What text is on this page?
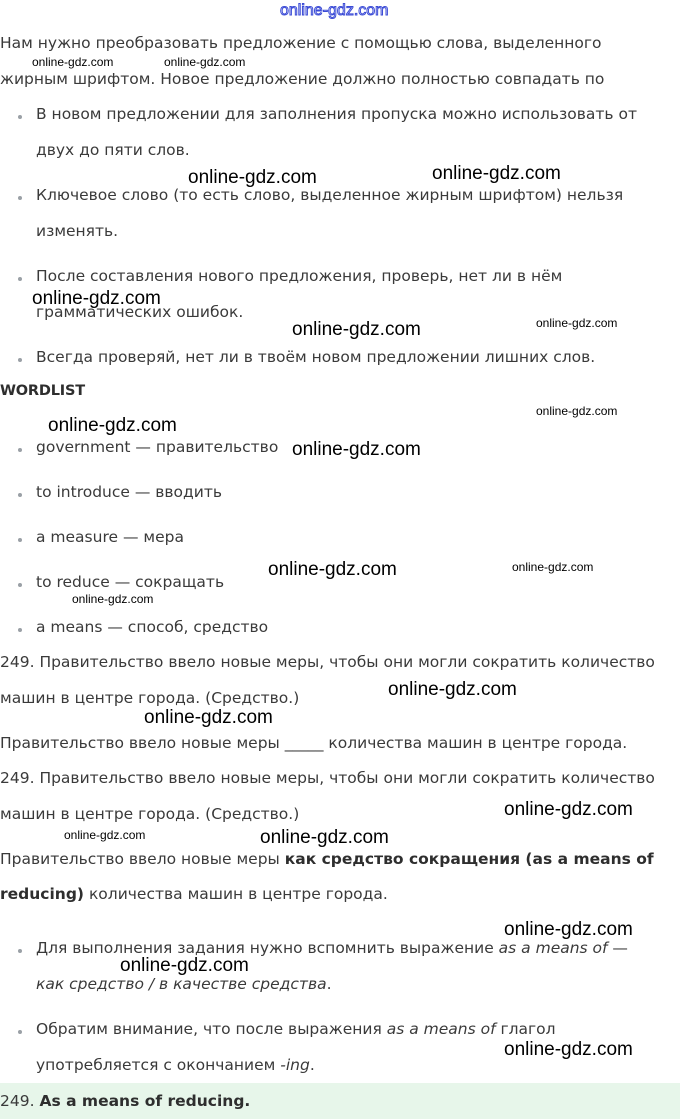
online-gdz.com
Нам нужно преобразовать предложение с помощью слова, выделенного
жирным шрифтом. Новое предложение должно полностью совпадать по
В новом предложении для заполнения пропуска можно использовать от
двух до пяти слов.
Ключевое слово (то есть слово, выделенное жирным шрифтом) нельзя
изменять.
После составления нового предложения, проверь, нет ли в нём
грамматических ошибок.
Всегда проверяй, нет ли в твоём новом предложении лишних слов.
WORDLIST
government — правительство
to introduce — вводить
a measure — мера
to reduce — сокращать
a means — способ, средство
249. Правительство ввело новые меры, чтобы они могли сократить количество
машин в центре города. (Средство.)
Правительство ввело новые меры _____ количества машин в центре города.
249. Правительство ввело новые меры, чтобы они могли сократить количество
машин в центре города. (Средство.)
Правительство ввело новые меры как средство сокращения (as a means of
reducing) количества машин в центре города.
Для выполнения задания нужно вспомнить выражение as a means of —
как средство / в качестве средства.
Обратим внимание, что после выражения as a means of глагол
употребляется с окончанием -ing.
249. As a means of reducing.
online-gdz.com	online-gdz.com
online-gdz.com	online-gdz.com
online-gdz.com
online-gdz.com	online-gdz.com
online-gdz.com
online-gdz.com
online-gdz.com
online-gdz.com	online-gdz.com
online-gdz.com
online-gdz.com
online-gdz.com
online-gdz.com
online-gdz.com	online-gdz.com
online-gdz.com
online-gdz.com
online-gdz.com
